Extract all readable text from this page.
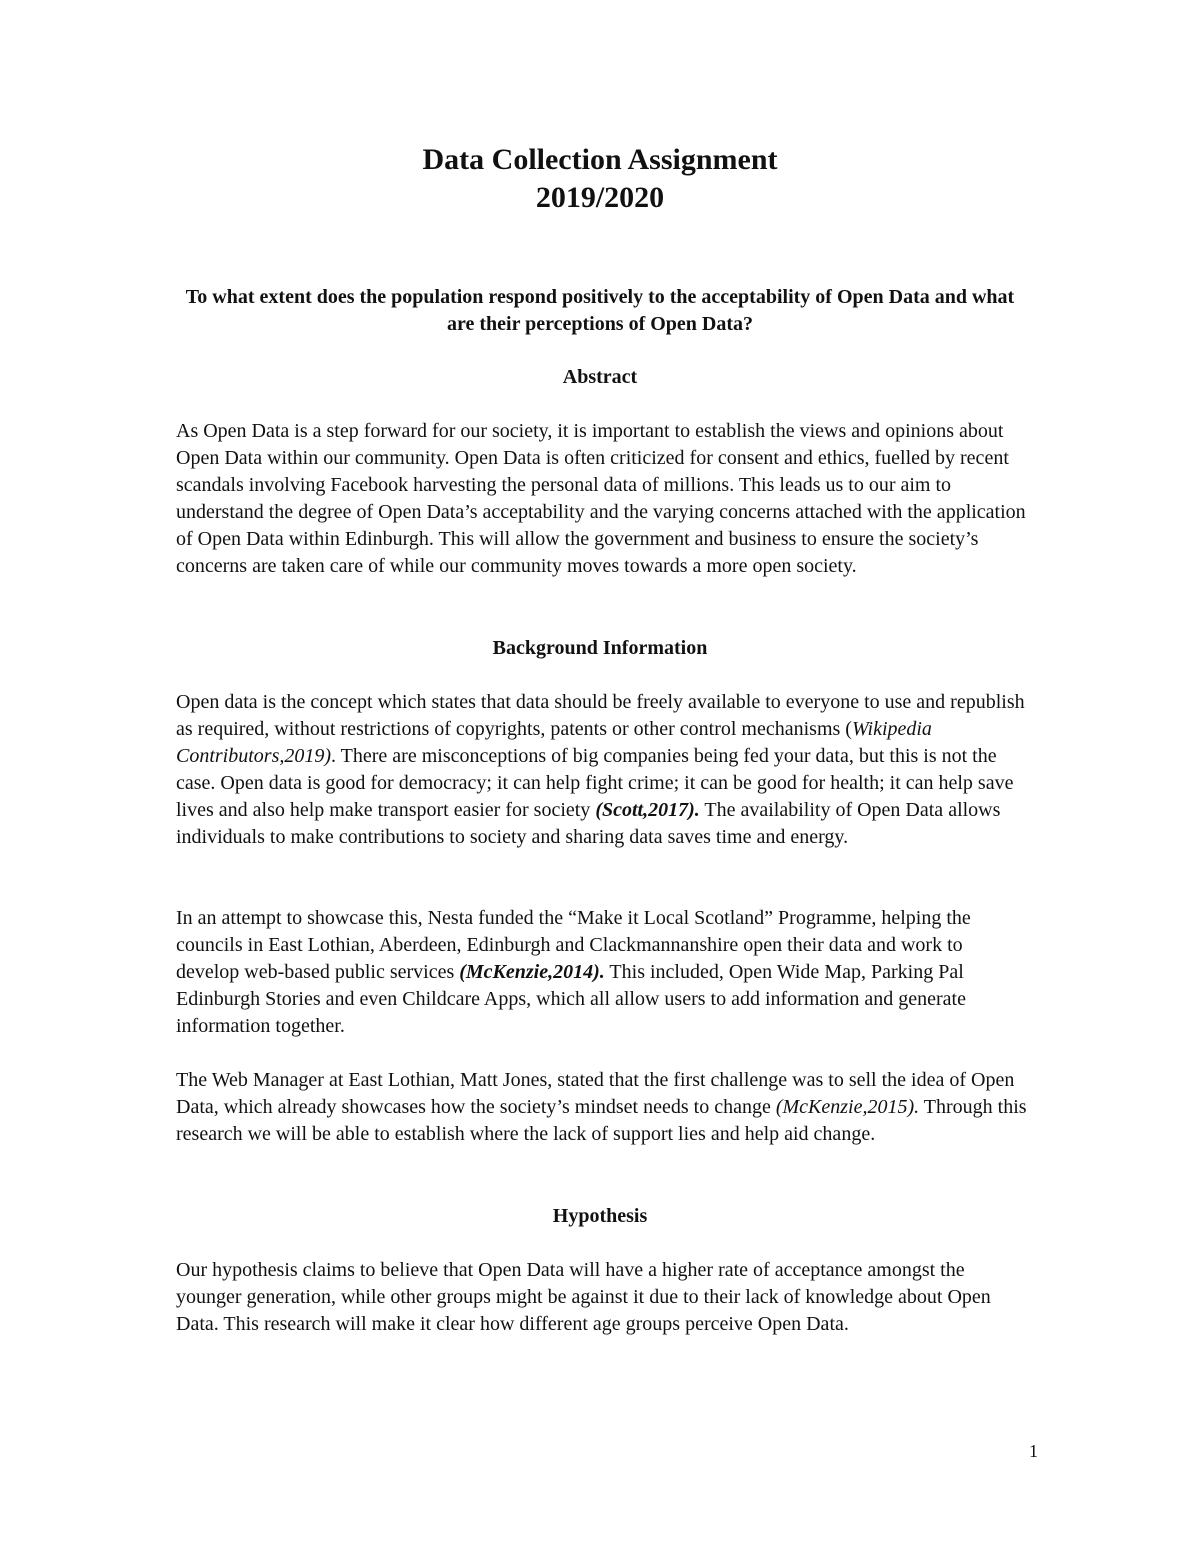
Data Collection Assignment
2019/2020

To what extent does the population respond positively to the acceptability of Open Data and what are their perceptions of Open Data?

Abstract

As Open Data is a step forward for our society, it is important to establish the views and opinions about Open Data within our community. Open Data is often criticized for consent and ethics, fuelled by recent scandals involving Facebook harvesting the personal data of millions. This leads us to our aim to understand the degree of Open Data’s acceptability and the varying concerns attached with the application of Open Data within Edinburgh. This will allow the government and business to ensure the society’s concerns are taken care of while our community moves towards a more open society.

Background Information

Open data is the concept which states that data should be freely available to everyone to use and republish as required, without restrictions of copyrights, patents or other control mechanisms (Wikipedia Contributors,2019). There are misconceptions of big companies being fed your data, but this is not the case. Open data is good for democracy; it can help fight crime; it can be good for health; it can help save lives and also help make transport easier for society (Scott,2017). The availability of Open Data allows individuals to make contributions to society and sharing data saves time and energy.

In an attempt to showcase this, Nesta funded the “Make it Local Scotland” Programme, helping the councils in East Lothian, Aberdeen, Edinburgh and Clackmannanshire open their data and work to develop web-based public services (McKenzie,2014). This included, Open Wide Map, Parking Pal Edinburgh Stories and even Childcare Apps, which all allow users to add information and generate information together.

The Web Manager at East Lothian, Matt Jones, stated that the first challenge was to sell the idea of Open Data, which already showcases how the society’s mindset needs to change (McKenzie,2015). Through this research we will be able to establish where the lack of support lies and help aid change.

Hypothesis

Our hypothesis claims to believe that Open Data will have a higher rate of acceptance amongst the younger generation, while other groups might be against it due to their lack of knowledge about Open Data. This research will make it clear how different age groups perceive Open Data.

1
